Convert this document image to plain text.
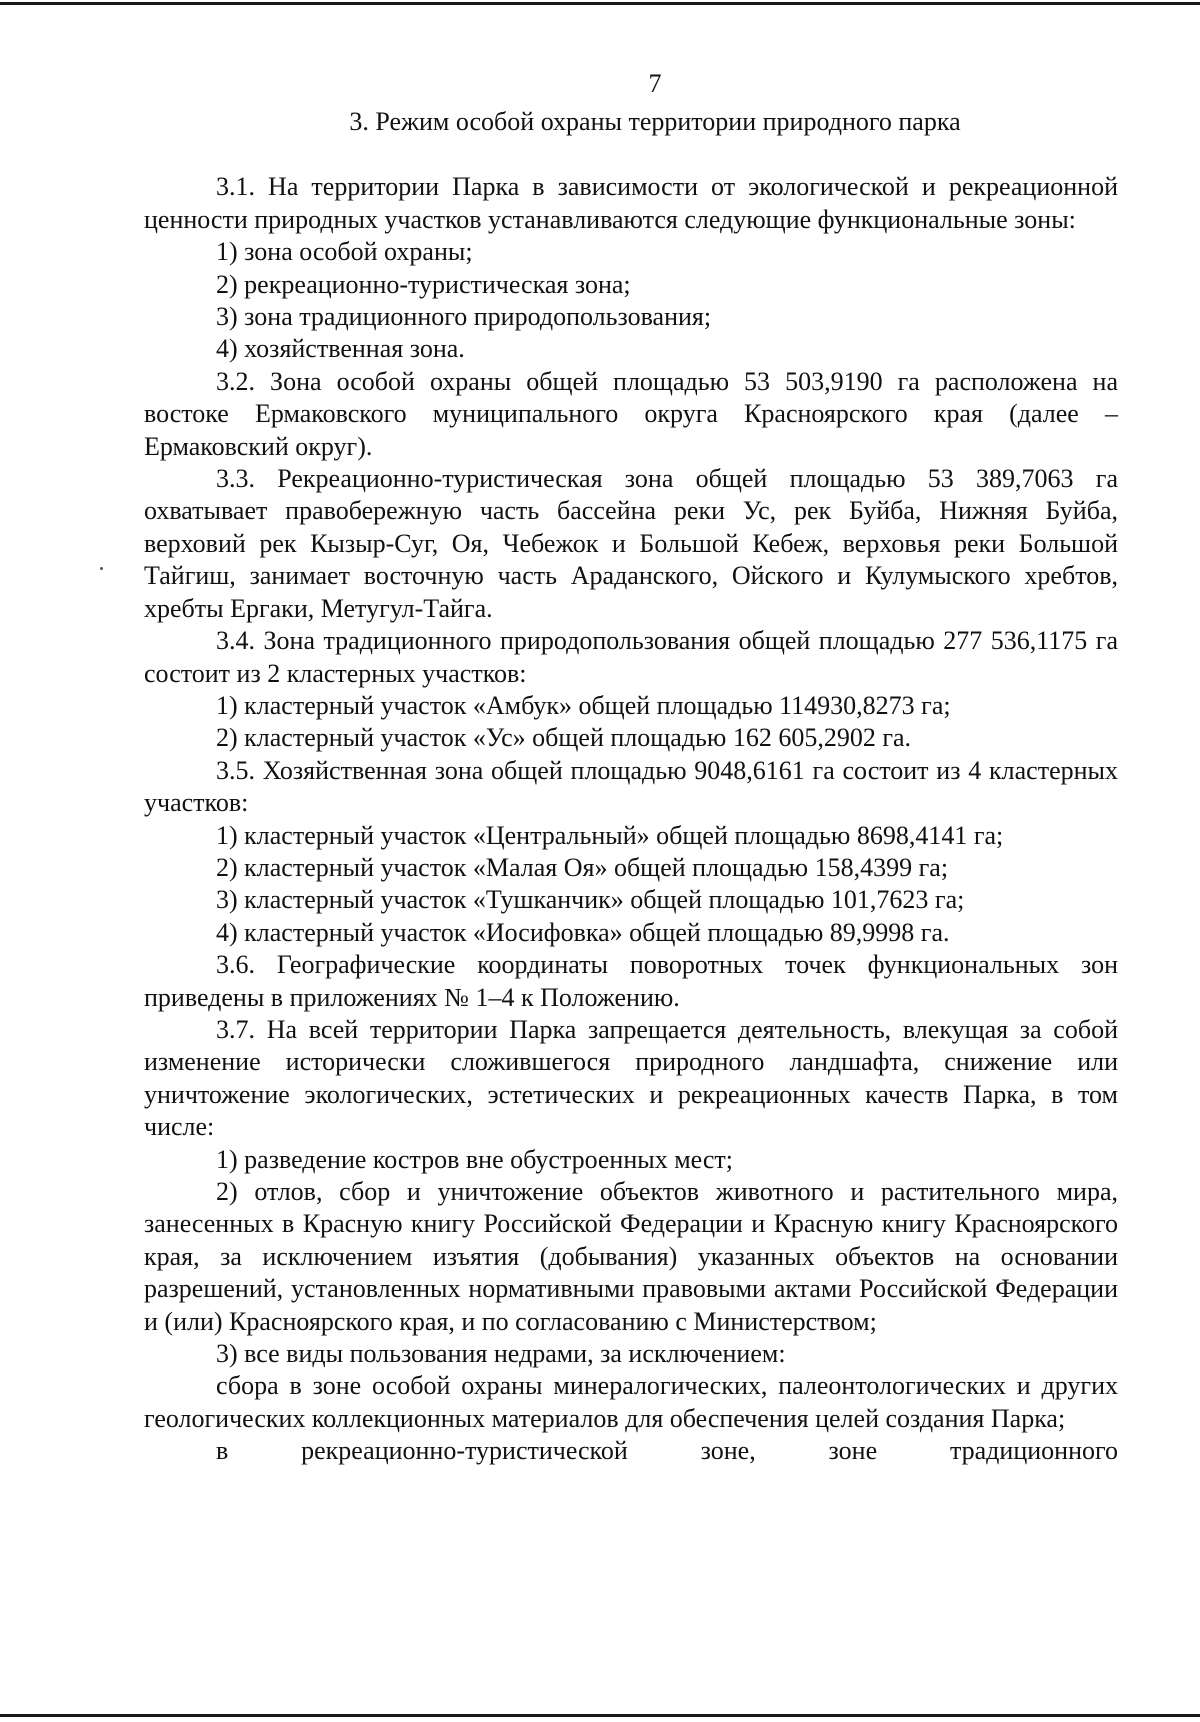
7

3. Режим особой охраны территории природного парка

3.1. На территории Парка в зависимости от экологической и рекреационной ценности природных участков устанавливаются следующие функциональные зоны:

1) зона особой охраны;

2) рекреационно-туристическая зона;

3) зона традиционного природопользования;

4) хозяйственная зона.

3.2. Зона особой охраны общей площадью 53 503,9190 га расположена на востоке Ермаковского муниципального округа Красноярского края (далее – Ермаковский округ).

3.3. Рекреационно-туристическая зона общей площадью 53 389,7063 га охватывает правобережную часть бассейна реки Ус, рек Буйба, Нижняя Буйба, верховий рек Кызыр-Суг, Оя, Чебежок и Большой Кебеж, верховья реки Большой Тайгиш, занимает восточную часть Араданского, Ойского и Кулумыского хребтов, хребты Ергаки, Метугул-Тайга.

3.4. Зона традиционного природопользования общей площадью 277 536,1175 га состоит из 2 кластерных участков:

1) кластерный участок «Амбук» общей площадью 114930,8273 га;

2) кластерный участок «Ус» общей площадью 162 605,2902 га.

3.5. Хозяйственная зона общей площадью 9048,6161 га состоит из 4 кластерных участков:

1) кластерный участок «Центральный» общей площадью 8698,4141 га;

2) кластерный участок «Малая Оя» общей площадью 158,4399 га;

3) кластерный участок «Тушканчик» общей площадью 101,7623 га;

4) кластерный участок «Иосифовка» общей площадью 89,9998 га.

3.6. Географические координаты поворотных точек функциональных зон приведены в приложениях № 1–4 к Положению.

3.7. На всей территории Парка запрещается деятельность, влекущая за собой изменение исторически сложившегося природного ландшафта, снижение или уничтожение экологических, эстетических и рекреационных качеств Парка, в том числе:

1) разведение костров вне обустроенных мест;

2) отлов, сбор и уничтожение объектов животного и растительного мира, занесенных в Красную книгу Российской Федерации и Красную книгу Красноярского края, за исключением изъятия (добывания) указанных объектов на основании разрешений, установленных нормативными правовыми актами Российской Федерации и (или) Красноярского края, и по согласованию с Министерством;

3) все виды пользования недрами, за исключением:

сбора в зоне особой охраны минералогических, палеонтологических и других геологических коллекционных материалов для обеспечения целей создания Парка;

в рекреационно-туристической зоне, зоне традиционного
